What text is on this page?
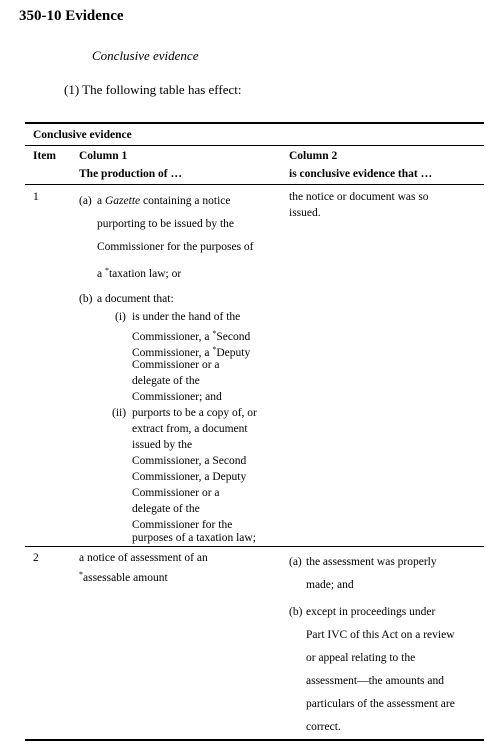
350-10 Evidence
Conclusive evidence
(1) The following table has effect:
Conclusive evidence
Item Column 1
The production of …
Column 2
is conclusive evidence that …
1	(a) a Gazette containing a notice
purporting to be issued by the
Commissioner for the purposes of
a *taxation law; or
(b) a document that:
(i) is under the hand of the
Commissioner, a *Second
Commissioner, a *Deputy
Commissioner or a
delegate of the
Commissioner; and
(ii) purports to be a copy of, or
extract from, a document
issued by the
Commissioner, a Second
Commissioner, a Deputy
Commissioner or a
delegate of the
Commissioner for the
purposes of a taxation law;
the notice or document was so
issued.
2	a notice of assessment of an
*assessable amount
(a) the assessment was properly
made; and
(b) except in proceedings under
Part IVC of this Act on a review
or appeal relating to the
assessment—the amounts and
particulars of the assessment are
correct.
